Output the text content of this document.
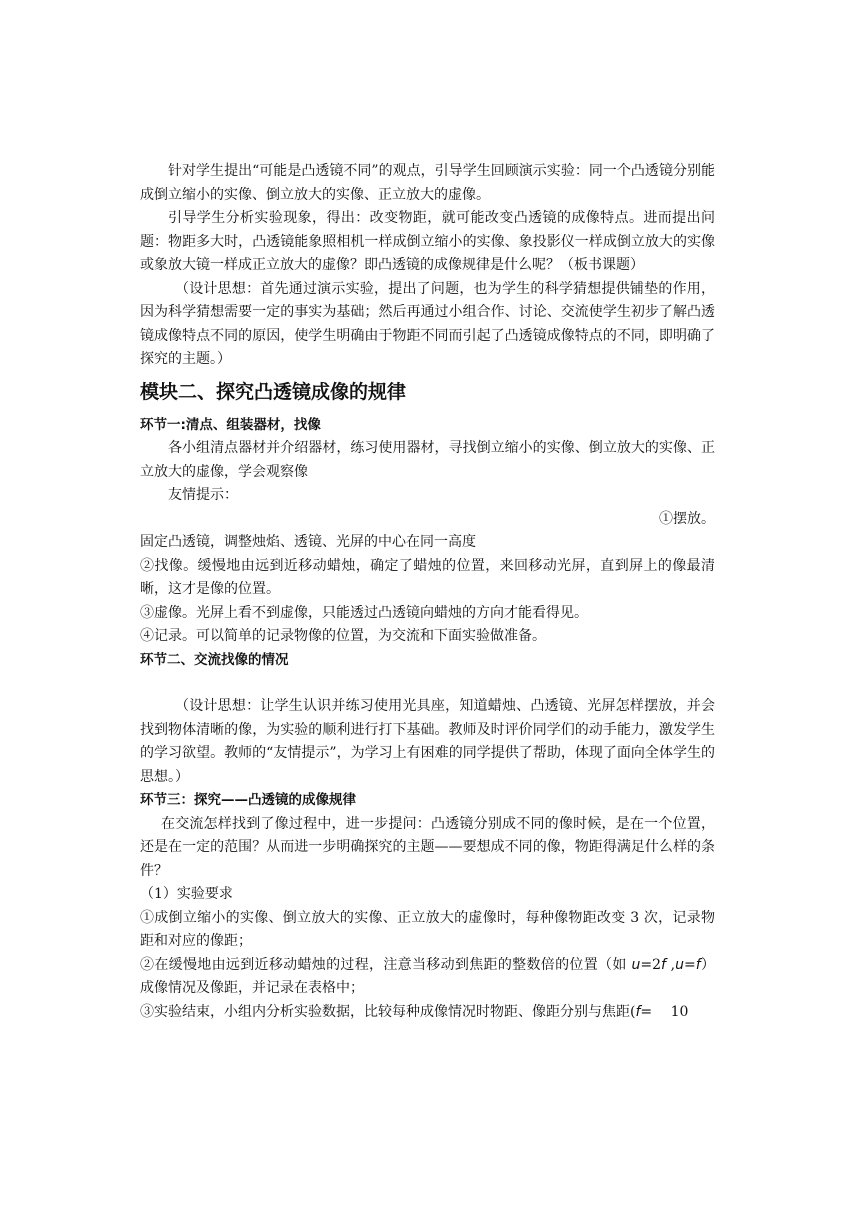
针对学生提出“可能是凸透镜不同”的观点，引导学生回顾演示实验：同一个凸透镜分别能成倒立缩小的实像、倒立放大的实像、正立放大的虚像。

引导学生分析实验现象，得出：改变物距，就可能改变凸透镜的成像特点。进而提出问题：物距多大时，凸透镜能象照相机一样成倒立缩小的实像、象投影仪一样成倒立放大的实像或象放大镜一样成正立放大的虚像？即凸透镜的成像规律是什么呢？（板书课题）

（设计思想：首先通过演示实验，提出了问题，也为学生的科学猜想提供铺垫的作用，因为科学猜想需要一定的事实为基础；然后再通过小组合作、讨论、交流使学生初步了解凸透镜成像特点不同的原因，使学生明确由于物距不同而引起了凸透镜成像特点的不同，即明确了探究的主题。）

模块二、探究凸透镜成像的规律
环节一:清点、组装器材，找像

各小组清点器材并介绍器材，练习使用器材，寻找倒立缩小的实像、倒立放大的实像、正立放大的虚像，学会观察像

友情提示：

①摆放。

固定凸透镜，调整烛焰、透镜、光屏的中心在同一高度

②找像。缓慢地由远到近移动蜡烛，确定了蜡烛的位置，来回移动光屏，直到屏上的像最清晰，这才是像的位置。

③虚像。光屏上看不到虚像，只能透过凸透镜向蜡烛的方向才能看得见。

④记录。可以简单的记录物像的位置，为交流和下面实验做准备。

环节二、交流找像的情况

（设计思想：让学生认识并练习使用光具座，知道蜡烛、凸透镜、光屏怎样摆放，并会找到物体清晰的像，为实验的顺利进行打下基础。教师及时评价同学们的动手能力，激发学生的学习欲望。教师的“友情提示”，为学习上有困难的同学提供了帮助，体现了面向全体学生的思想。）

环节三：探究——凸透镜的成像规律

在交流怎样找到了像过程中，进一步提问：凸透镜分别成不同的像时候，是在一个位置，还是在一定的范围？从而进一步明确探究的主题——要想成不同的像，物距得满足什么样的条件？

（1）实验要求

①成倒立缩小的实像、倒立放大的实像、正立放大的虚像时，每种像物距改变 3 次，记录物距和对应的像距；

②在缓慢地由远到近移动蜡烛的过程，注意当移动到焦距的整数倍的位置（如 u=2f ,u=f）成像情况及像距，并记录在表格中；

③实验结束，小组内分析实验数据，比较每种成像情况时物距、像距分别与焦距(f=　 10
